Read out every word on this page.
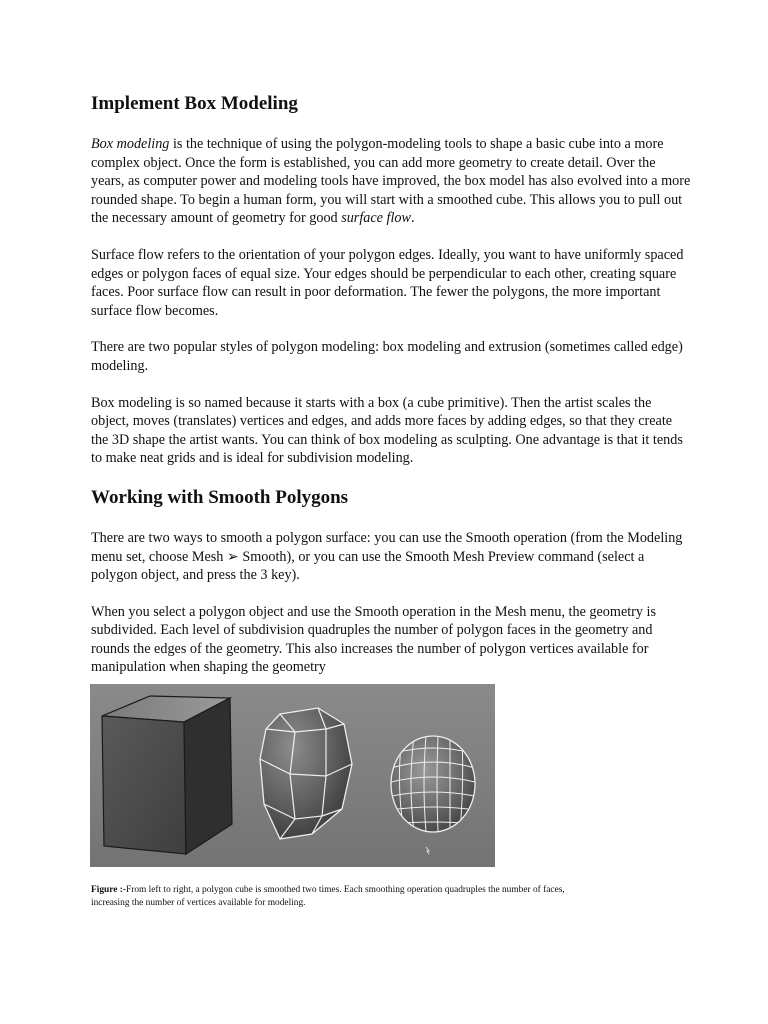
Implement Box Modeling

Box modeling is the technique of using the polygon-modeling tools to shape a basic cube into a more complex object. Once the form is established, you can add more geometry to create detail. Over the years, as computer power and modeling tools have improved, the box model has also evolved into a more rounded shape. To begin a human form, you will start with a smoothed cube. This allows you to pull out the necessary amount of geometry for good surface flow.

Surface flow refers to the orientation of your polygon edges. Ideally, you want to have uniformly spaced edges or polygon faces of equal size. Your edges should be perpendicular to each other, creating square faces. Poor surface flow can result in poor deformation. The fewer the polygons, the more important surface flow becomes.

There are two popular styles of polygon modeling: box modeling and extrusion (sometimes called edge) modeling.

Box modeling is so named because it starts with a box (a cube primitive). Then the artist scales the object, moves (translates) vertices and edges, and adds more faces by adding edges, so that they create the 3D shape the artist wants. You can think of box modeling as sculpting. One advantage is that it tends to make neat grids and is ideal for subdivision modeling.

Working with Smooth Polygons

There are two ways to smooth a polygon surface: you can use the Smooth operation (from the Modeling menu set, choose Mesh ➢ Smooth), or you can use the Smooth Mesh Preview command (select a polygon object, and press the 3 key).

When you select a polygon object and use the Smooth operation in the Mesh menu, the geometry is subdivided. Each level of subdivision quadruples the number of polygon faces in the geometry and rounds the edges of the geometry. This also increases the number of polygon vertices available for manipulation when shaping the geometry

Figure :-From left to right, a polygon cube is smoothed two times. Each smoothing operation quadruples the number of faces, increasing the number of vertices available for modeling.
